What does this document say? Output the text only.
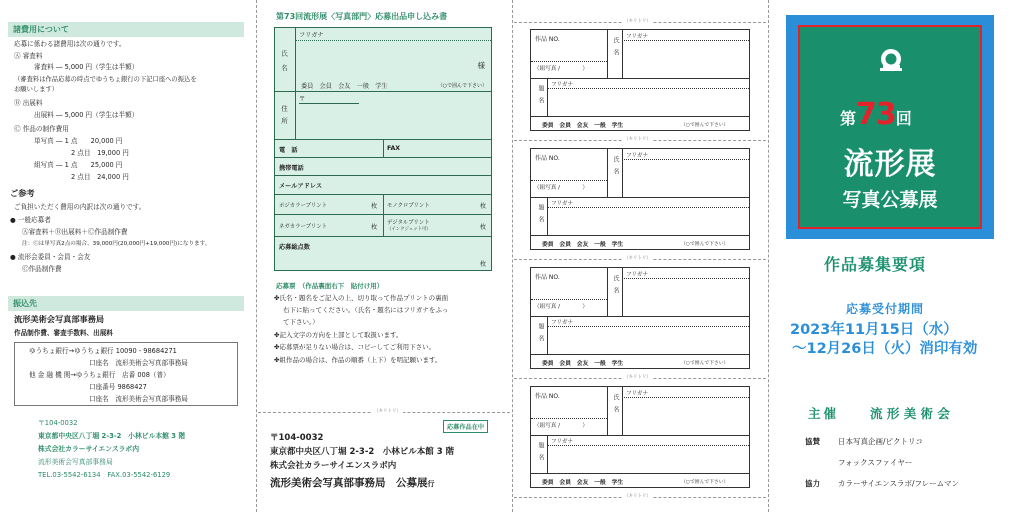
諸費用について
応募に係わる諸費用は次の通りです。
Ⓐ 審査料
審査料 ― 5,000 円（学生は半額）
（審査料は作品応募の時点でゆうちょ銀行の下記口座への振込を
お願いします）
Ⓑ 出展料
出展料 ― 5,000 円（学生は半額）
Ⓒ 作品の制作費用
単写真 ― 1 点　　20,000 円
2 点目　19,000 円
組写真 ― 1 点　　25,000 円
2 点目　24,000 円
ご参考
ご負担いただく費用の内訳は次の通りです。
● 一般応募者
Ⓐ審査料＋Ⓑ出展料＋Ⓒ作品制作費
注：Ⓒは単写真2点の場合、39,000円(20,000円+19,000円)になります。
● 流形会委員・会員・会友
Ⓒ作品制作費
振込先
流形美術会写真部事務局
作品制作費、審査手数料、出展料
ゆうちょ銀行→ゆうちょ銀行 10090 - 98684271
口座名　流形美術会写真部事務局
他 金 融 機 関→ゆうちょ銀行　店番 008（普）
口座番号 9868427
口座名　流形美術会写真部事務局
〒104-0032
東京都中央区八丁堀 2-3-2　小林ビル本館 3 階
株式会社カラーサイエンスラボ内
流形美術会写真部事務局
TEL.03-5542-6134　FAX.03-5542-6129
第73回流形展〈写真部門〉応募出品申し込み書
氏名
フリガナ
様
委員　会員　会友　一般　学生	（○で囲んで下さい）
住所
〒
電　話	FAX
携帯電話
メールアドレス
ポジカラープリント	枚 モノクロプリント	枚
ネガカラープリント	枚
デジタルプリント
（インクジェット可）	枚
応募総点数
枚
応募票　（作品裏面右下　貼付け用）
✤氏名・題名をご記入の上、切り取って作品プリントの裏面
右下に貼ってください。（氏名・題名にはフリガナをふっ
て下さい。）
✤記入文字の方向を上部として取扱います。
✤応募票が足りない場合は、コピーしてご利用下さい。
✤組作品の場合は、作品の順番（上下）を明記願います。
（キリトリ）
応募作品在中
〒104-0032
東京都中央区八丁堀 2-3-2　小林ビル本館 3 階
株式会社カラーサイエンスラボ内
流形美術会写真部事務局　公募展行
（キリトリ）
（キリトリ）
（キリトリ）
（キリトリ）
（キリトリ）
作品 NO.
（組写真 /　　　　）
氏名 フリガナ
題名 フリガナ
委員　会員　会友　一般　学生	（○で囲んで下さい）
作品 NO.
（組写真 /　　　　）
氏名 フリガナ
題名 フリガナ
委員　会員　会友　一般　学生	（○で囲んで下さい）
作品 NO.
（組写真 /　　　　）
氏名 フリガナ
題名 フリガナ
委員　会員　会友　一般　学生	（○で囲んで下さい）
作品 NO.
（組写真 /　　　　）
氏名 フリガナ
題名 フリガナ
委員　会員　会友　一般　学生	（○で囲んで下さい）
第73回
流形展
写真公募展
作品募集要項
応募受付期間
2023年11月15日（水）
〜12月26日（火）消印有効
主催 流 形 美 術 会
協賛 日本写真企画/ピクトリコ
フォックスファイヤー
協力 カラーサイエンスラボ/フレームマン
